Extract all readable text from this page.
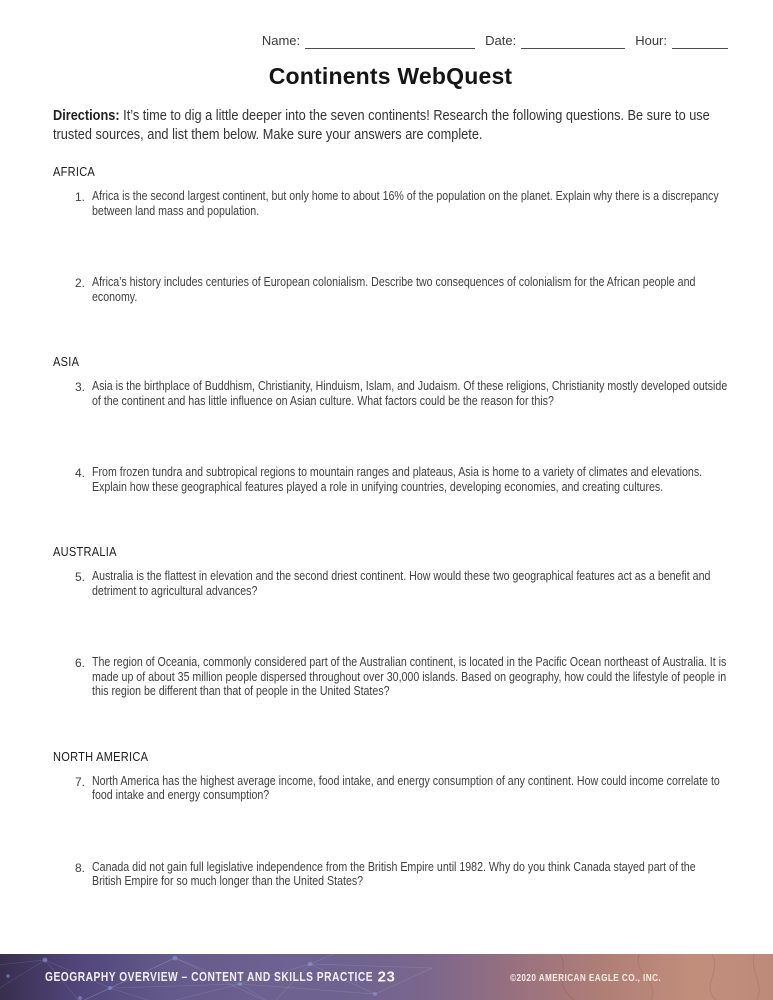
Name:	Date:	Hour:
Continents WebQuest

Directions: It’s time to dig a little deeper into the seven continents! Research the following questions. Be sure to use trusted sources, and list them below. Make sure your answers are complete.

AFRICA
1. Africa is the second largest continent, but only home to about 16% of the population on the planet. Explain why there is a discrepancy between land mass and population.
2. Africa’s history includes centuries of European colonialism. Describe two consequences of colonialism for the African people and economy.
ASIA
3. Asia is the birthplace of Buddhism, Christianity, Hinduism, Islam, and Judaism. Of these religions, Christianity mostly developed outside of the continent and has little influence on Asian culture. What factors could be the reason for this?
4. From frozen tundra and subtropical regions to mountain ranges and plateaus, Asia is home to a variety of climates and elevations. Explain how these geographical features played a role in unifying countries, developing economies, and creating cultures.
AUSTRALIA
5. Australia is the flattest in elevation and the second driest continent. How would these two geographical features act as a benefit and detriment to agricultural advances?
6. The region of Oceania, commonly considered part of the Australian continent, is located in the Pacific Ocean northeast of Australia. It is made up of about 35 million people dispersed throughout over 30,000 islands. Based on geography, how could the lifestyle of people in this region be different than that of people in the United States?
NORTH AMERICA
7. North America has the highest average income, food intake, and energy consumption of any continent. How could income correlate to food intake and energy consumption?
8. Canada did not gain full legislative independence from the British Empire until 1982. Why do you think Canada stayed part of the British Empire for so much longer than the United States?
GEOGRAPHY OVERVIEW – CONTENT AND SKILLS PRACTICE 23	©2020 AMERICAN EAGLE CO., INC.
